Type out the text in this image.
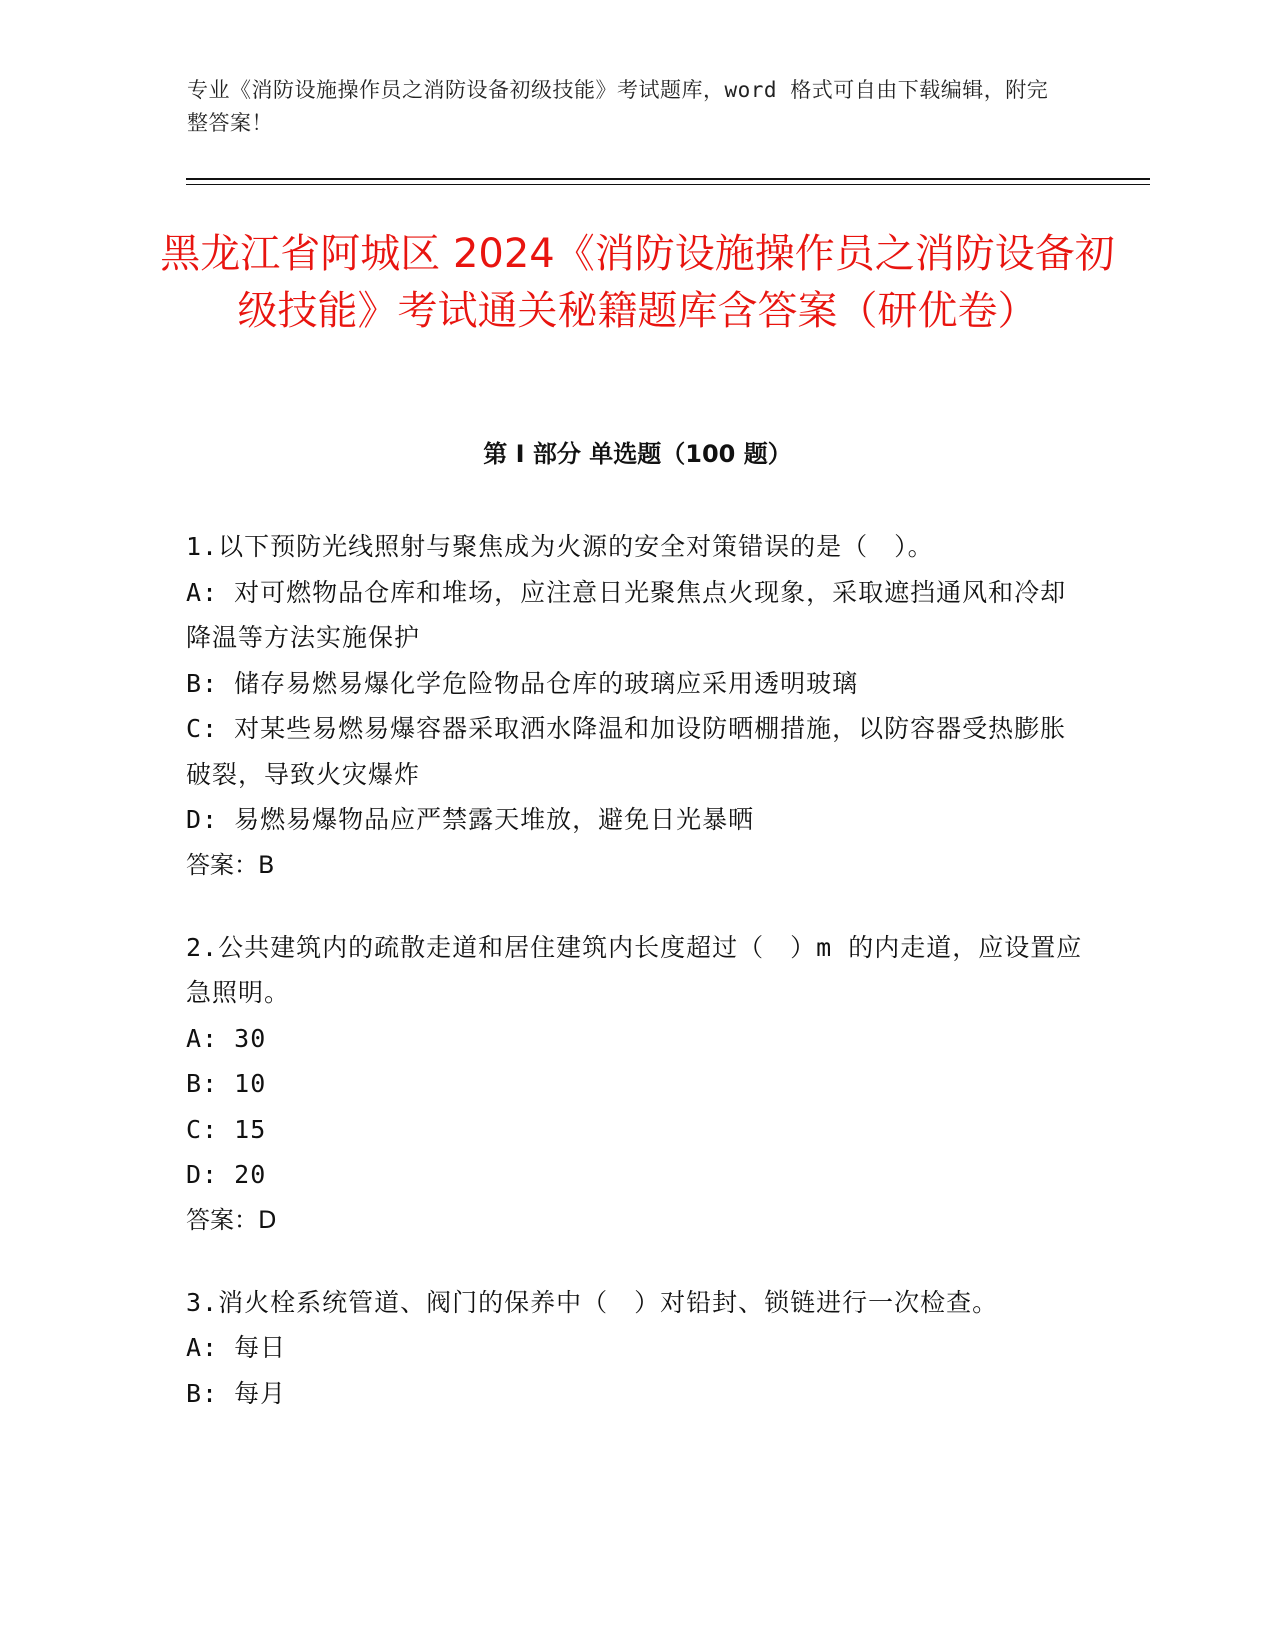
专业《消防设施操作员之消防设备初级技能》考试题库，word 格式可自由下载编辑，附完整答案！
黑龙江省阿城区 2024《消防设施操作员之消防设备初级技能》考试通关秘籍题库含答案（研优卷）
第 I 部分 单选题（100 题）

1.以下预防光线照射与聚焦成为火源的安全对策错误的是（　）。

A: 对可燃物品仓库和堆场，应注意日光聚焦点火现象，采取遮挡通风和冷却降温等方法实施保护

B: 储存易燃易爆化学危险物品仓库的玻璃应采用透明玻璃

C: 对某些易燃易爆容器采取洒水降温和加设防晒棚措施，以防容器受热膨胀破裂，导致火灾爆炸

D: 易燃易爆物品应严禁露天堆放，避免日光暴晒

答案：B

2.公共建筑内的疏散走道和居住建筑内长度超过（　）m 的内走道，应设置应急照明。

A: 30

B: 10

C: 15

D: 20

答案：D

3.消火栓系统管道、阀门的保养中（　）对铅封、锁链进行一次检查。

A: 每日

B: 每月
